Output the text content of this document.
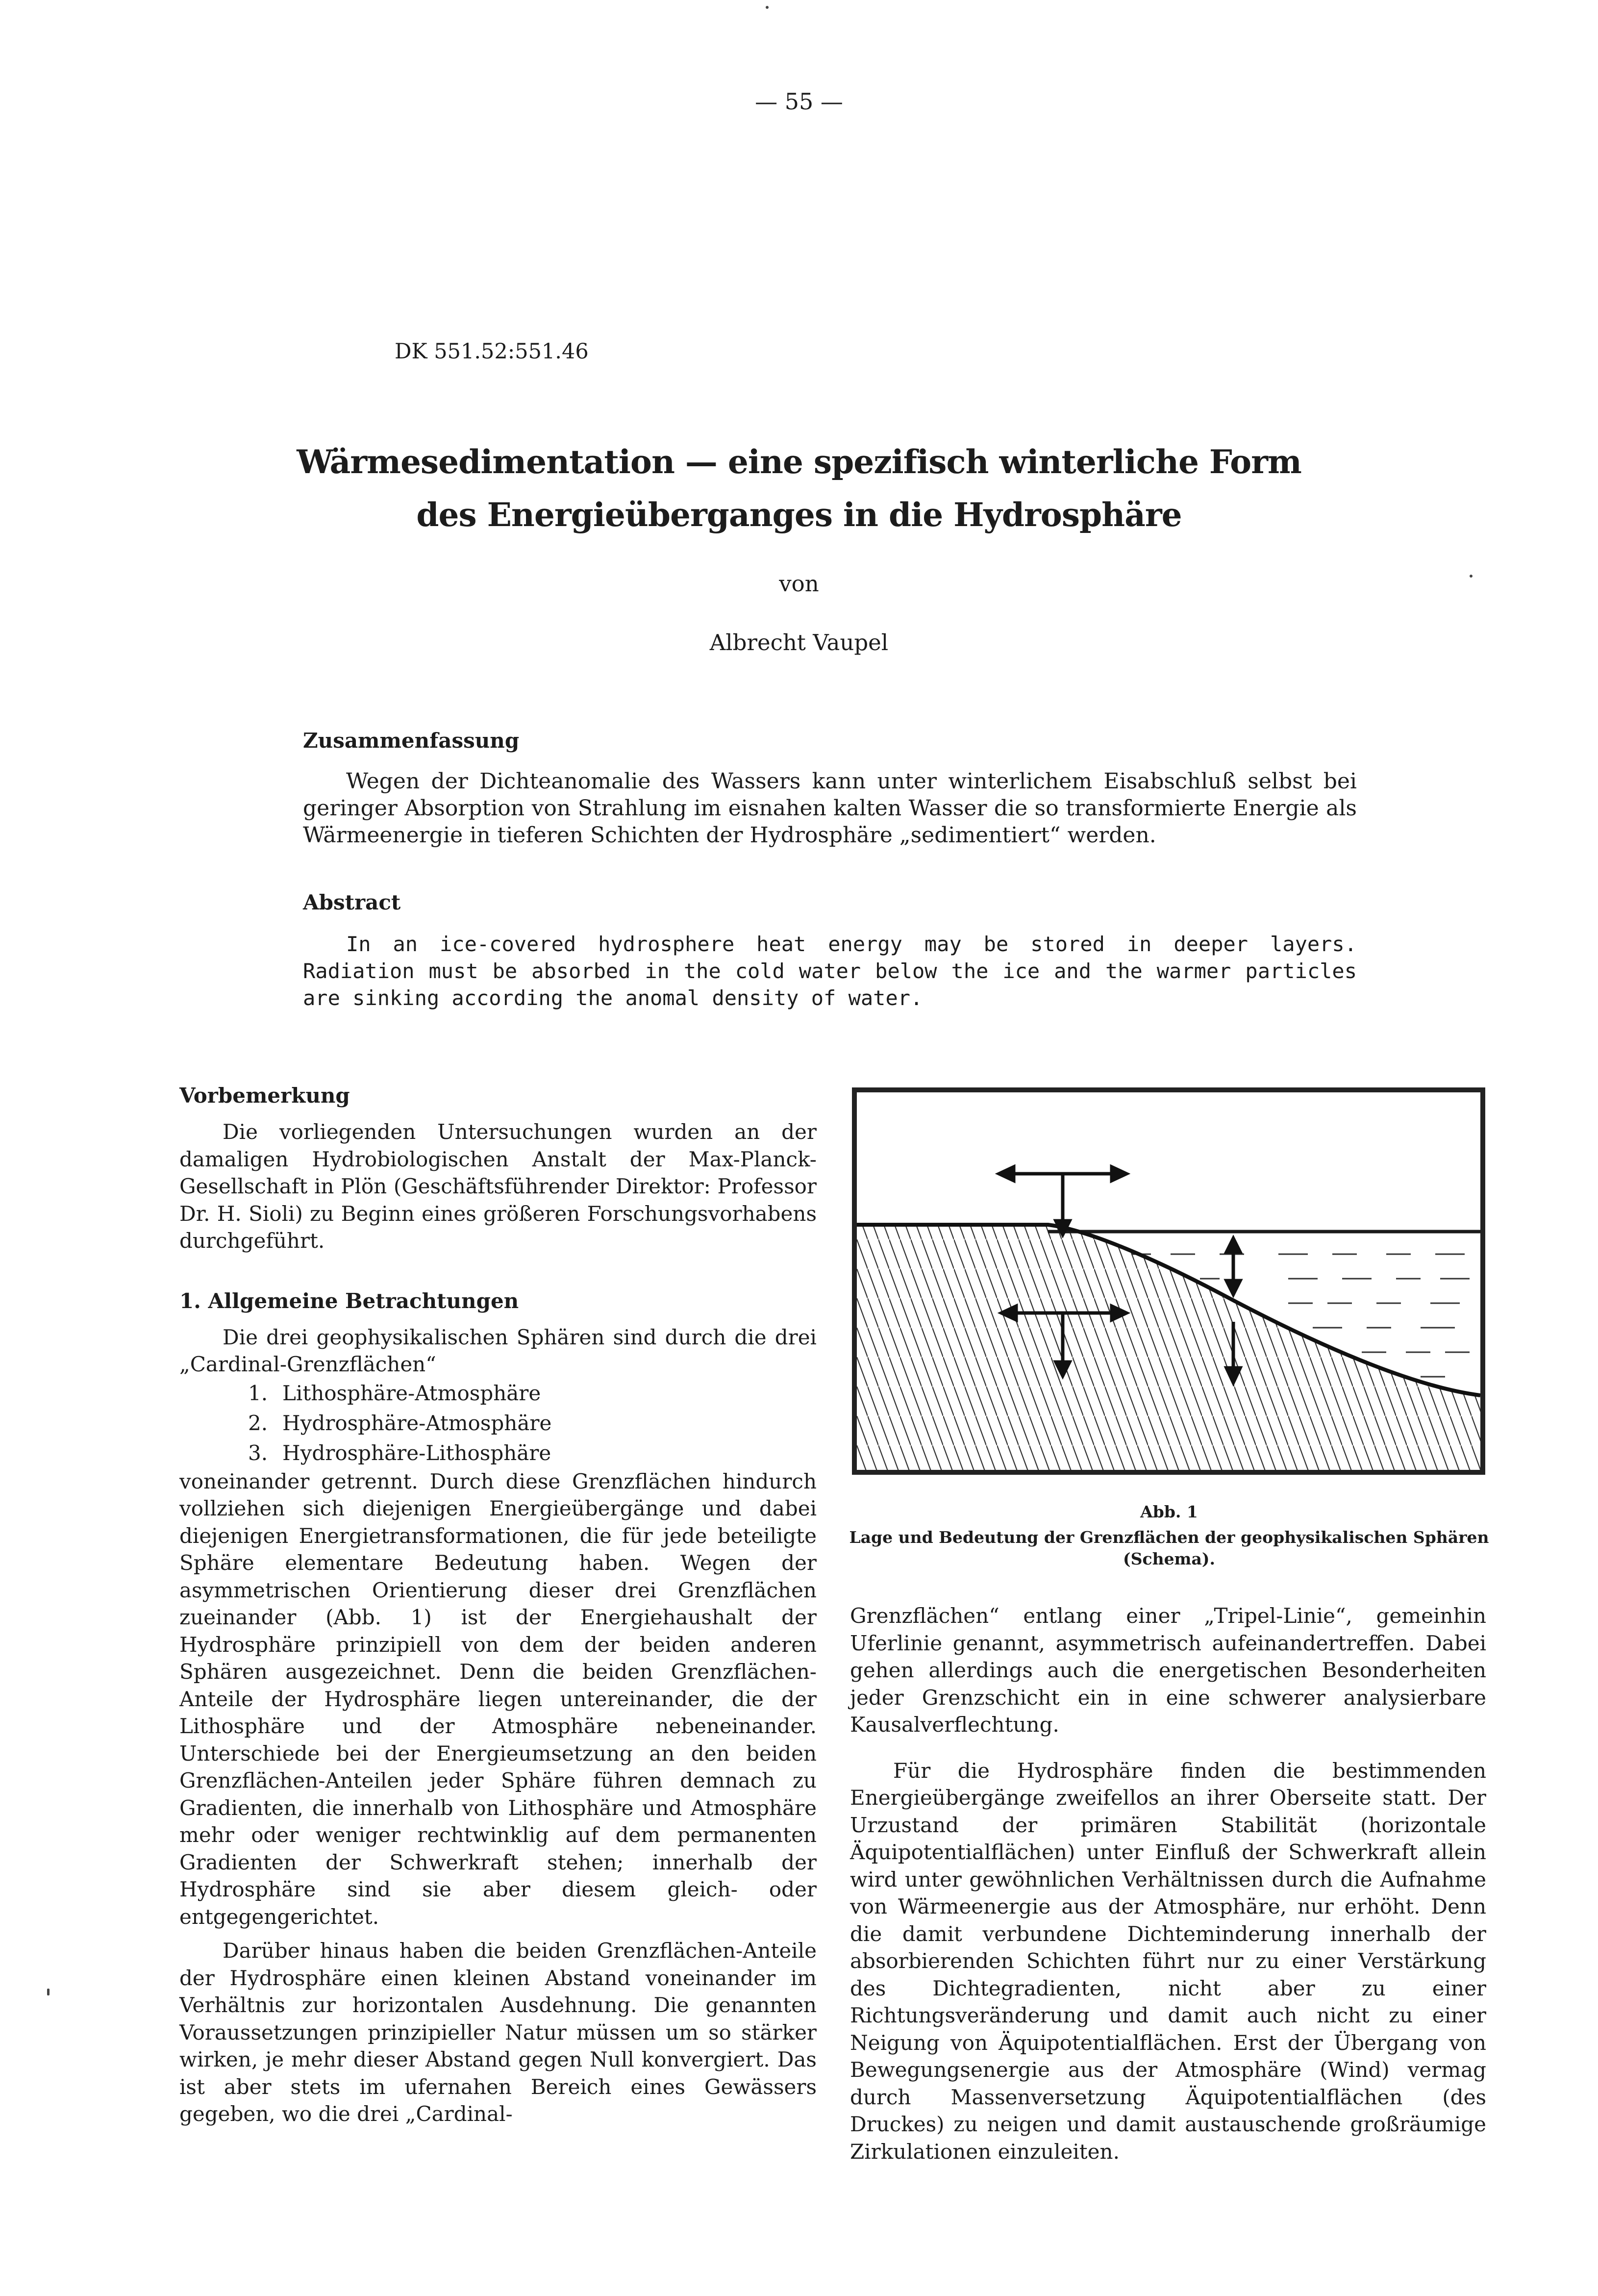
— 55 —
DK 551.52:551.46
Wärmesedimentation — eine spezifisch winterliche Form
des Energieüberganges in die Hydrosphäre
von
Albrecht Vaupel
Zusammenfassung
Wegen der Dichteanomalie des Wassers kann unter winterlichem Eisabschluß selbst bei geringer Absorption von Strahlung im eisnahen kalten Wasser die so transformierte Energie als Wärmeenergie in tieferen Schichten der Hydrosphäre „sedimentiert“ werden.
Abstract
In an ice-covered hydrosphere heat energy may be stored in deeper layers. Radiation must be absorbed in the cold water below the ice and the warmer particles are sinking according the anomal density of water.
Vorbemerkung
Die vorliegenden Untersuchungen wurden an der damaligen Hydrobiologischen Anstalt der Max-Planck-Gesellschaft in Plön (Geschäftsführender Direktor: Professor Dr. H. Sioli) zu Beginn eines größeren Forschungsvorhabens durchgeführt.
1. Allgemeine Betrachtungen
Die drei geophysikalischen Sphären sind durch die drei „Cardinal-Grenzflächen“
1. Lithosphäre-Atmosphäre
2. Hydrosphäre-Atmosphäre
3. Hydrosphäre-Lithosphäre
voneinander getrennt. Durch diese Grenzflächen hindurch vollziehen sich diejenigen Energieübergänge und dabei diejenigen Energietransformationen, die für jede beteiligte Sphäre elementare Bedeutung haben. Wegen der asymmetrischen Orientierung dieser drei Grenzflächen zueinander (Abb. 1) ist der Energiehaushalt der Hydrosphäre prinzipiell von dem der beiden anderen Sphären ausgezeichnet. Denn die beiden Grenzflächen-Anteile der Hydrosphäre liegen untereinander, die der Lithosphäre und der Atmosphäre nebeneinander. Unterschiede bei der Energieumsetzung an den beiden Grenzflächen-Anteilen jeder Sphäre führen demnach zu Gradienten, die innerhalb von Lithosphäre und Atmosphäre mehr oder weniger rechtwinklig auf dem permanenten Gradienten der Schwerkraft stehen; innerhalb der Hydrosphäre sind sie aber diesem gleich- oder entgegengerichtet.
Darüber hinaus haben die beiden Grenzflächen-Anteile der Hydrosphäre einen kleinen Abstand voneinander im Verhältnis zur horizontalen Ausdehnung. Die genannten Voraussetzungen prinzipieller Natur müssen um so stärker wirken, je mehr dieser Abstand gegen Null konvergiert. Das ist aber stets im ufernahen Bereich eines Gewässers gegeben, wo die drei „Cardinal-
Abb. 1
Lage und Bedeutung der Grenzflächen der geophysikalischen Sphären (Schema).
Grenzflächen“ entlang einer „Tripel-Linie“, gemeinhin Uferlinie genannt, asymmetrisch aufeinandertreffen. Dabei gehen allerdings auch die energetischen Besonderheiten jeder Grenzschicht ein in eine schwerer analysierbare Kausalverflechtung.
Für die Hydrosphäre finden die bestimmenden Energieübergänge zweifellos an ihrer Oberseite statt. Der Urzustand der primären Stabilität (horizontale Äquipotentialflächen) unter Einfluß der Schwerkraft allein wird unter gewöhnlichen Verhältnissen durch die Aufnahme von Wärmeenergie aus der Atmosphäre, nur erhöht. Denn die damit verbundene Dichteminderung innerhalb der absorbierenden Schichten führt nur zu einer Verstärkung des Dichtegradienten, nicht aber zu einer Richtungsveränderung und damit auch nicht zu einer Neigung von Äquipotentialflächen. Erst der Übergang von Bewegungsenergie aus der Atmosphäre (Wind) vermag durch Massenversetzung Äquipotentialflächen (des Druckes) zu neigen und damit austauschende großräumige Zirkulationen einzuleiten.
